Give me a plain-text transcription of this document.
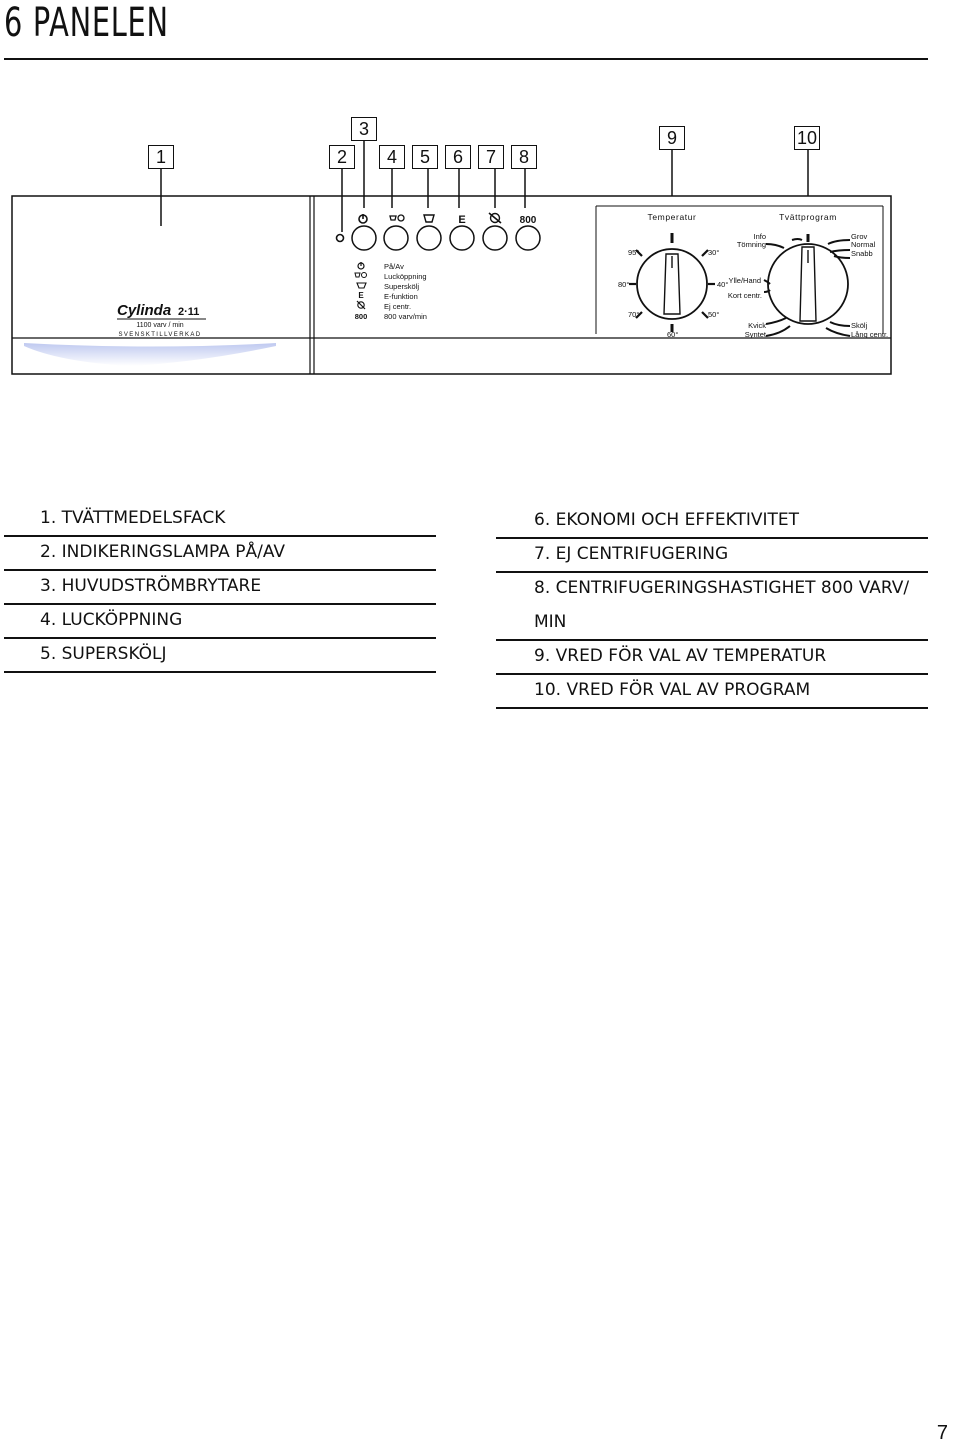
6 PANELEN
E	800
E
800
På/Av
Lucköppning
Superskölj
E-funktion
Ej centr.
800 varv/min
Cylinda 2·11
1100 varv / min
SVENSKTILLVERKAD
Temperatur	Tvättprogram
95°	30°
40°
50°
60°
70°
80°
Info
Tömning
Ylle/Hand
Kort centr.
Kvick
Syntet
Grov
Normal
Snabb
Skölj
Lång centr.
1	2
3
4	5	6	7	8
9	10
1. TVÄTTMEDELSFACK
2. INDIKERINGSLAMPA PÅ/AV
3. HUVUDSTRÖMBRYTARE
4. LUCKÖPPNING
5. SUPERSKÖLJ
6. EKONOMI OCH EFFEKTIVITET
7. EJ CENTRIFUGERING
8. CENTRIFUGERINGSHASTIGHET 800 VARV/
MIN
9. VRED FÖR VAL AV TEMPERATUR
10. VRED FÖR VAL AV PROGRAM
7
